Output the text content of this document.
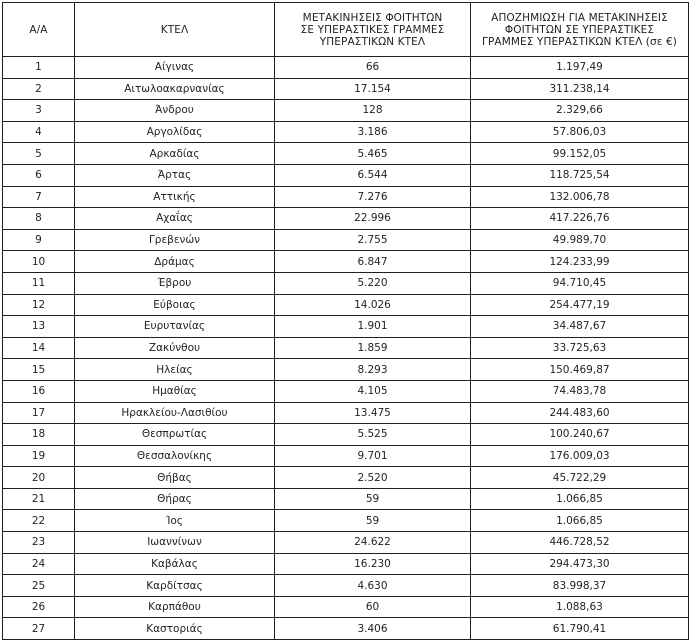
Α/Α	ΚΤΕΛ	ΜΕΤΑΚΙΝΗΣΕΙΣ ΦΟΙΤΗΤΩΝ
ΣΕ ΥΠΕΡΑΣΤΙΚΕΣ ΓΡΑΜΜΕΣ
ΥΠΕΡΑΣΤΙΚΩΝ ΚΤΕΛ	ΑΠΟΖΗΜΙΩΣΗ ΓΙΑ ΜΕΤΑΚΙΝΗΣΕΙΣ
ΦΟΙΤΗΤΩΝ ΣΕ ΥΠΕΡΑΣΤΙΚΕΣ
ΓΡΑΜΜΕΣ ΥΠΕΡΑΣΤΙΚΩΝ ΚΤΕΛ (σε €)

1	Αίγινας	66	1.197,49
2	Αιτωλοακαρνανίας	17.154	311.238,14
3	Άνδρου	128	2.329,66
4	Αργολίδας	3.186	57.806,03
5	Αρκαδίας	5.465	99.152,05
6	Άρτας	6.544	118.725,54
7	Αττικής	7.276	132.006,78
8	Αχαΐας	22.996	417.226,76
9	Γρεβενών	2.755	49.989,70
10	Δράμας	6.847	124.233,99
11	Έβρου	5.220	94.710,45
12	Εύβοιας	14.026	254.477,19
13	Ευρυτανίας	1.901	34.487,67
14	Ζακύνθου	1.859	33.725,63
15	Ηλείας	8.293	150.469,87
16	Ημαθίας	4.105	74.483,78
17	Ηρακλείου-Λασιθίου	13.475	244.483,60
18	Θεσπρωτίας	5.525	100.240,67
19	Θεσσαλονίκης	9.701	176.009,03
20	Θήβας	2.520	45.722,29
21	Θήρας	59	1.066,85
22	Ίος	59	1.066,85
23	Ιωαννίνων	24.622	446.728,52
24	Καβάλας	16.230	294.473,30
25	Καρδίτσας	4.630	83.998,37
26	Καρπάθου	60	1.088,63
27	Καστοριάς	3.406	61.790,41
